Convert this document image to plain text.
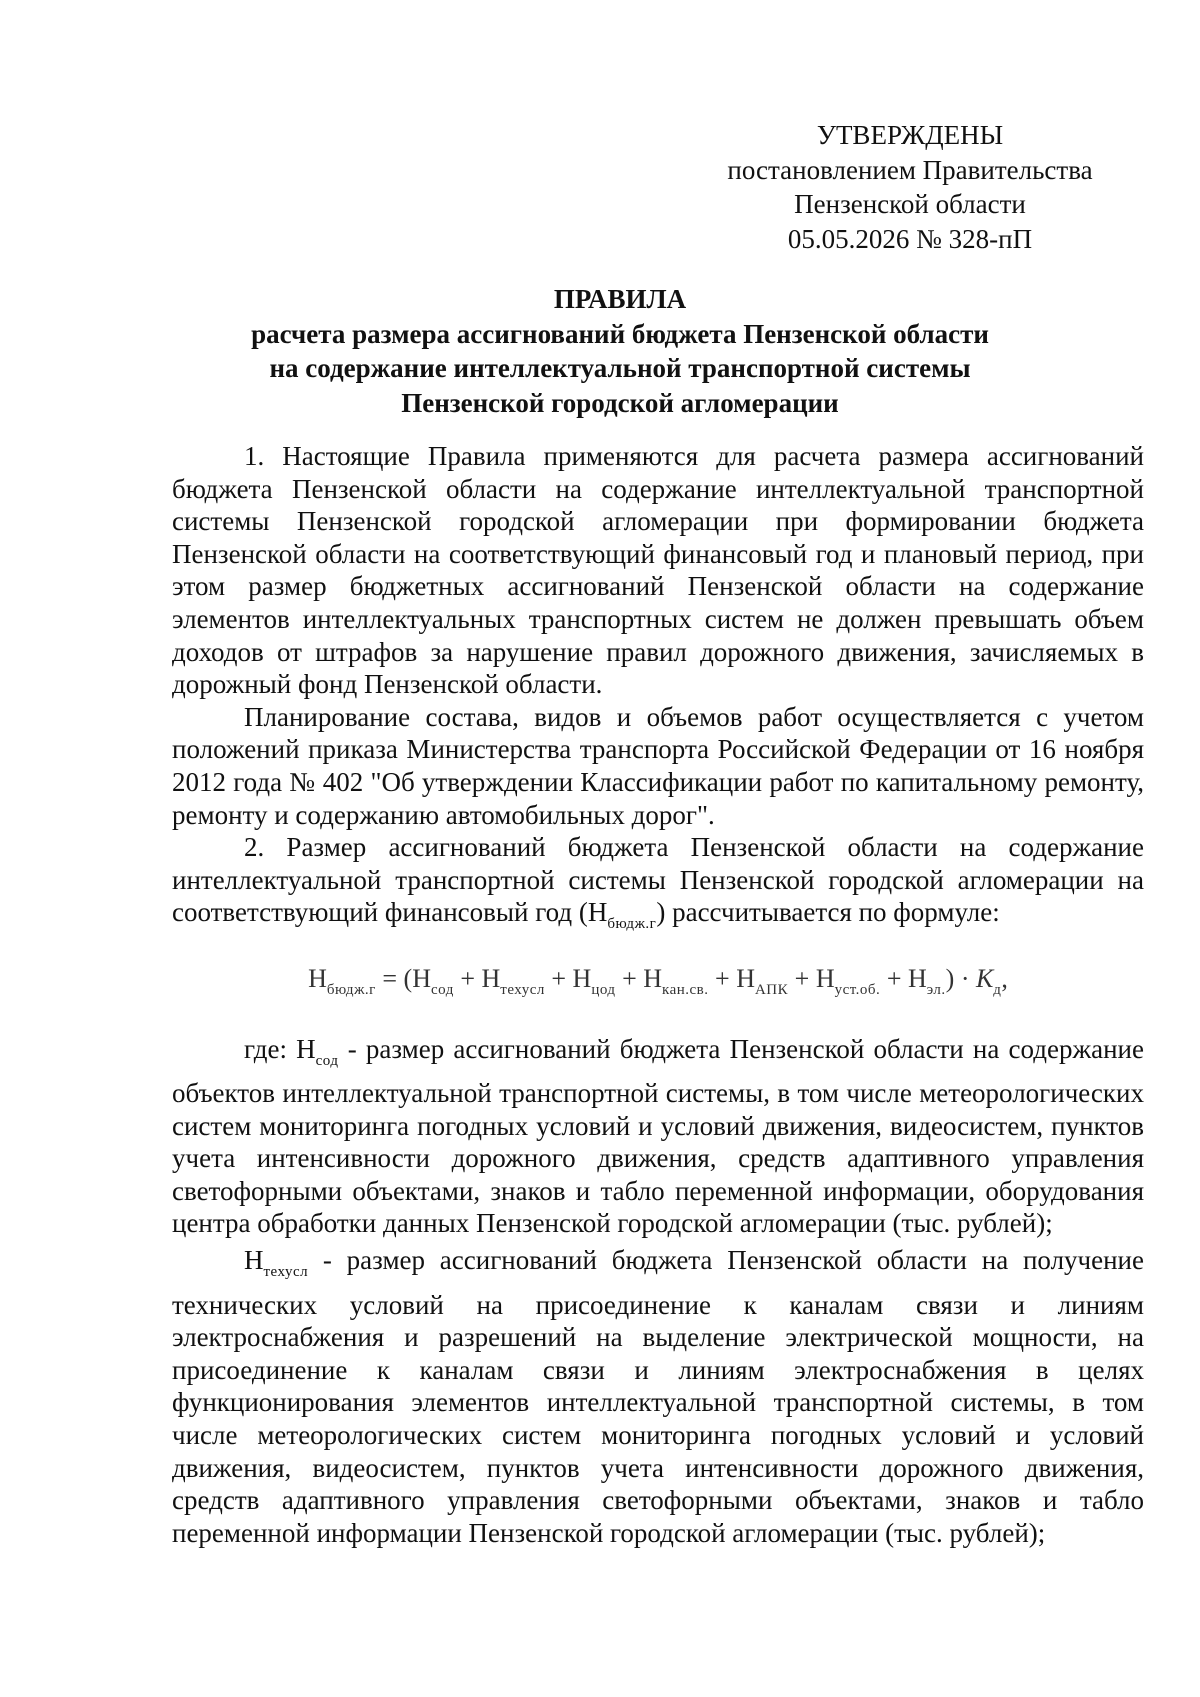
УТВЕРЖДЕНЫ
постановлением Правительства
Пензенской области
05.05.2026 № 328-пП
ПРАВИЛА
расчета размера ассигнований бюджета Пензенской области
на содержание интеллектуальной транспортной системы
Пензенской городской агломерации

1. Настоящие Правила применяются для расчета размера ассигнований бюджета Пензенской области на содержание интеллектуальной транспортной системы Пензенской городской агломерации при формировании бюджета Пензенской области на соответствующий финансовый год и плановый период, при этом размер бюджетных ассигнований Пензенской области на содержание элементов интеллектуальных транспортных систем не должен превышать объем доходов от штрафов за нарушение правил дорожного движения, зачисляемых в дорожный фонд Пензенской области.

Планирование состава, видов и объемов работ осуществляется с учетом положений приказа Министерства транспорта Российской Федерации от 16 ноября 2012 года № 402 "Об утверждении Классификации работ по капитальному ремонту, ремонту и содержанию автомобильных дорог".

2. Размер ассигнований бюджета Пензенской области на содержание интеллектуальной транспортной системы Пензенской городской агломерации на соответствующий финансовый год $(Н_{бюдж.г})$ рассчитывается по формуле:

$Н_{бюдж.г} = (Н_{сод} + Н_{техусл} + Н_{цод} + Н_{кан.св.} + Н_{АПК} + Н_{уст.об.} + Н_{эл.}) \cdot К_д$,

где: $Н_{сод}$ - размер ассигнований бюджета Пензенской области на содержание объектов интеллектуальной транспортной системы, в том числе метеорологических систем мониторинга погодных условий и условий движения, видеосистем, пунктов учета интенсивности дорожного движения, средств адаптивного управления светофорными объектами, знаков и табло переменной информации, оборудования центра обработки данных Пензенской городской агломерации (тыс. рублей);

$Н_{техусл}$ - размер ассигнований бюджета Пензенской области на получение технических условий на присоединение к каналам связи и линиям электроснабжения и разрешений на выделение электрической мощности, на присоединение к каналам связи и линиям электроснабжения в целях функционирования элементов интеллектуальной транспортной системы, в том числе метеорологических систем мониторинга погодных условий и условий движения, видеосистем, пунктов учета интенсивности дорожного движения, средств адаптивного управления светофорными объектами, знаков и табло переменной информации Пензенской городской агломерации (тыс. рублей);
